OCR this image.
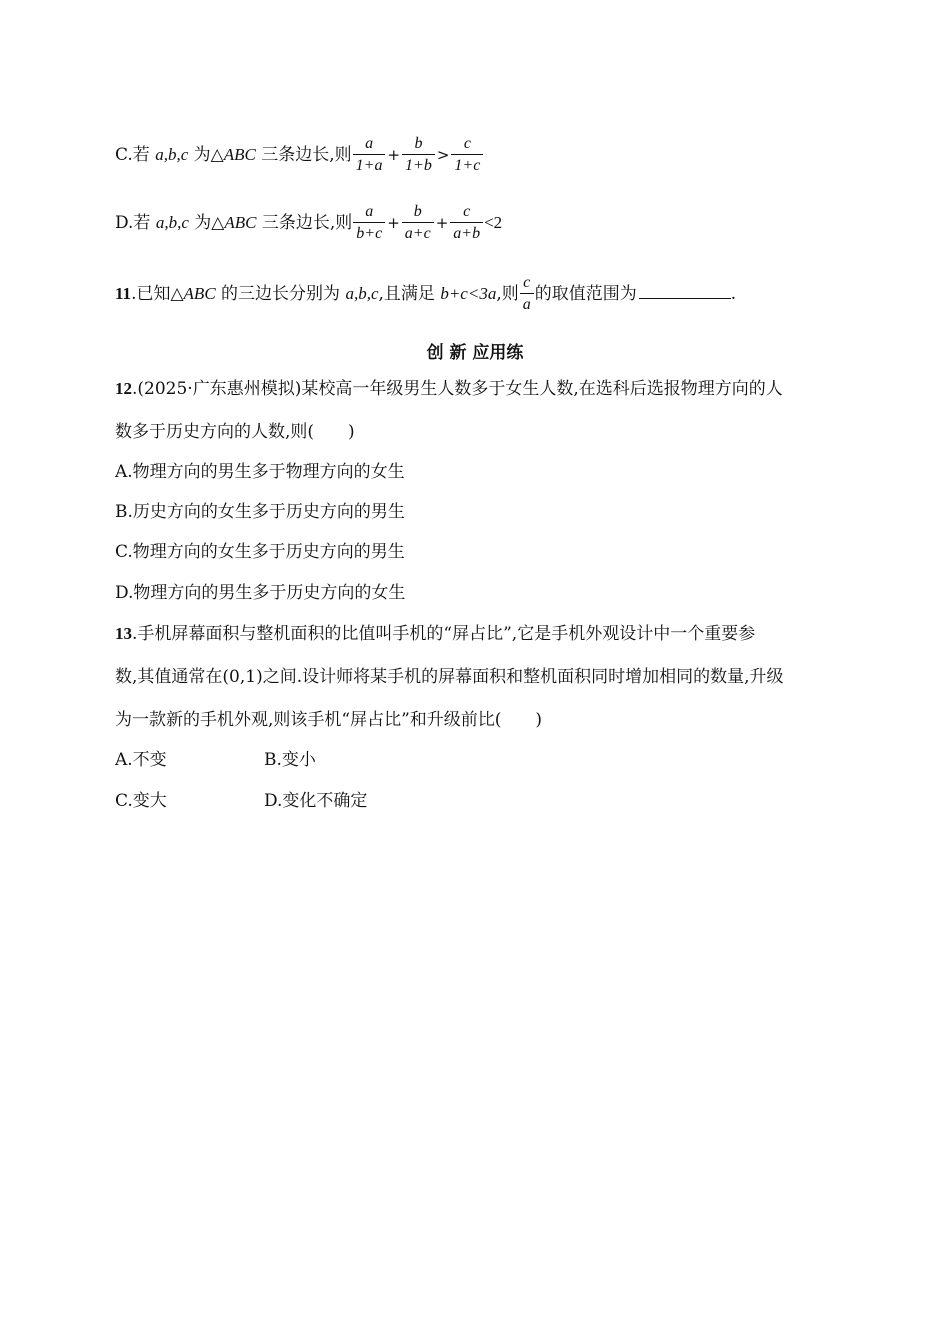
C.若 a,b,c 为△ABC 三条边长,则 $\frac{a}{1+a} + \frac{b}{1+b} > \frac{c}{1+c}$
D.若 a,b,c 为△ABC 三条边长,则 $\frac{a}{b+c} + \frac{b}{a+c} + \frac{c}{a+b} <2$
11.已知△ABC 的三边长分别为 a,b,c,且满足 b+c<3a,则 $\frac{c}{a}$ 的取值范围为	.
创 新 应用练
12.(2025·广东惠州模拟)某校高一年级男生人数多于女生人数,在选科后选报物理方向的人
数多于历史方向的人数,则(　　)
A.物理方向的男生多于物理方向的女生
B.历史方向的女生多于历史方向的男生
C.物理方向的女生多于历史方向的男生
D.物理方向的男生多于历史方向的女生
13.手机屏幕面积与整机面积的比值叫手机的“屏占比”,它是手机外观设计中一个重要参
数,其值通常在(0,1)之间.设计师将某手机的屏幕面积和整机面积同时增加相同的数量,升级
为一款新的手机外观,则该手机“屏占比”和升级前比(　　)
A.不变	B.变小
C.变大	D.变化不确定
